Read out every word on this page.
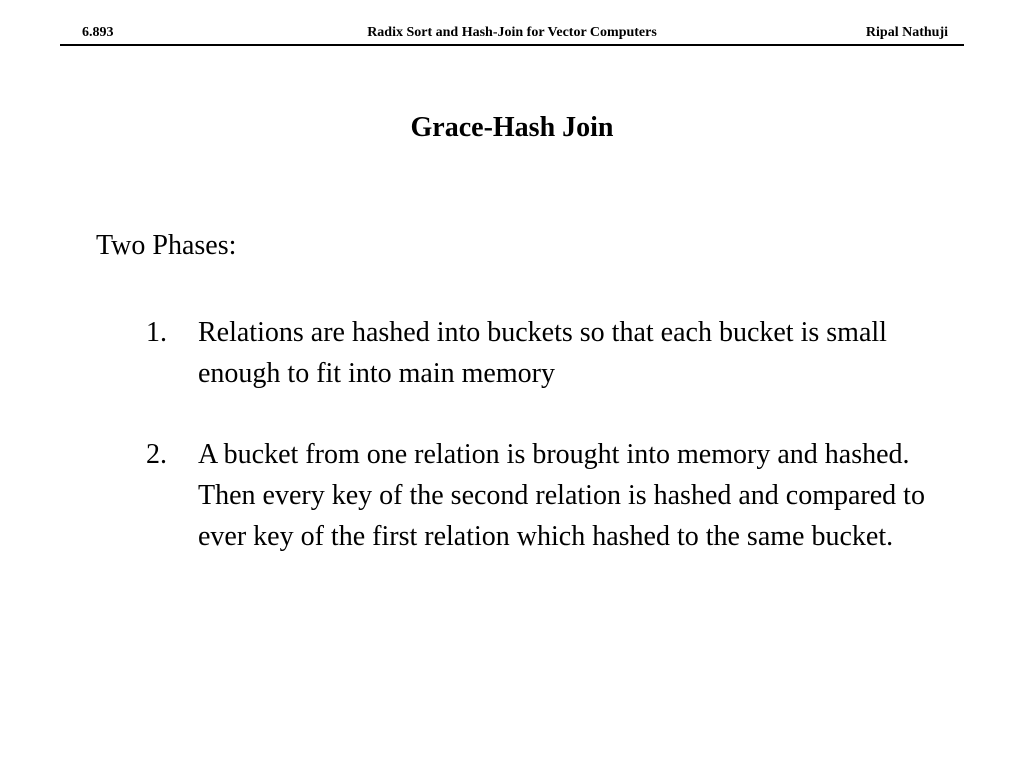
6.893	Radix Sort and Hash-Join for Vector Computers	Ripal Nathuji
Grace-Hash Join

Two Phases:

1. Relations are hashed into buckets so that each bucket is small enough to fit into main memory
2. A bucket from one relation is brought into memory and hashed. Then every key of the second relation is hashed and compared to ever key of the first relation which hashed to the same bucket.
